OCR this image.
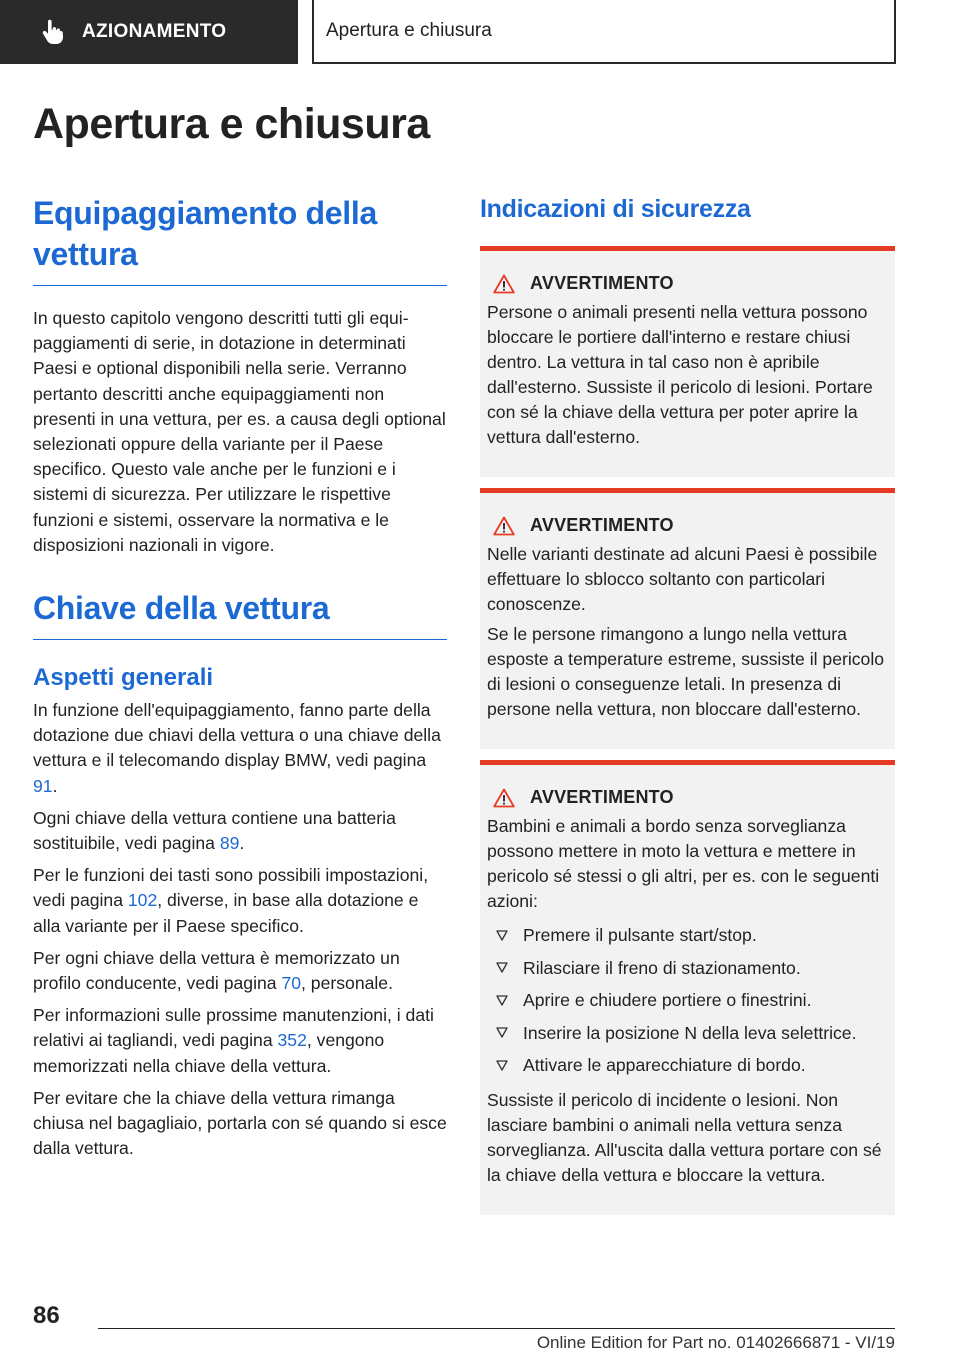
AZIONAMENTO	Apertura e chiusura
Apertura e chiusura
Equipaggiamento della vettura

In questo capitolo vengono descritti tutti gli equipaggiamenti di serie, in dotazione in determinati Paesi e optional disponibili nella serie. Verranno pertanto descritti anche equipaggiamenti non presenti in una vettura, per es. a causa degli optional selezionati oppure della variante per il Paese specifico. Questo vale anche per le funzioni e i sistemi di sicurezza. Per utilizzare le rispettive funzioni e sistemi, osservare la normativa e le disposizioni nazionali in vigore.

Chiave della vettura
Aspetti generali

In funzione dell'equipaggiamento, fanno parte della dotazione due chiavi della vettura o una chiave della vettura e il telecomando display BMW, vedi pagina 91.

Ogni chiave della vettura contiene una batteria sostituibile, vedi pagina 89.

Per le funzioni dei tasti sono possibili impostazioni, vedi pagina 102, diverse, in base alla dotazione e alla variante per il Paese specifico.

Per ogni chiave della vettura è memorizzato un profilo conducente, vedi pagina 70, personale.

Per informazioni sulle prossime manutenzioni, i dati relativi ai tagliandi, vedi pagina 352, vengono memorizzati nella chiave della vettura.

Per evitare che la chiave della vettura rimanga chiusa nel bagagliaio, portarla con sé quando si esce dalla vettura.

Indicazioni di sicurezza
AVVERTIMENTO

Persone o animali presenti nella vettura possono bloccare le portiere dall'interno e restare chiusi dentro. La vettura in tal caso non è apribile dall'esterno. Sussiste il pericolo di lesioni. Portare con sé la chiave della vettura per poter aprire la vettura dall'esterno.

AVVERTIMENTO

Nelle varianti destinate ad alcuni Paesi è possibile effettuare lo sblocco soltanto con particolari conoscenze.

Se le persone rimangono a lungo nella vettura esposte a temperature estreme, sussiste il pericolo di lesioni o conseguenze letali. In presenza di persone nella vettura, non bloccare dall'esterno.

AVVERTIMENTO

Bambini e animali a bordo senza sorveglianza possono mettere in moto la vettura e mettere in pericolo sé stessi o gli altri, per es. con le seguenti azioni:

Premere il pulsante start/stop.
Rilasciare il freno di stazionamento.
Aprire e chiudere portiere o finestrini.
Inserire la posizione N della leva selettrice.
Attivare le apparecchiature di bordo.

Sussiste il pericolo di incidente o lesioni. Non lasciare bambini o animali nella vettura senza sorveglianza. All'uscita dalla vettura portare con sé la chiave della vettura e bloccare la vettura.

86
Online Edition for Part no. 01402666871 - VI/19
